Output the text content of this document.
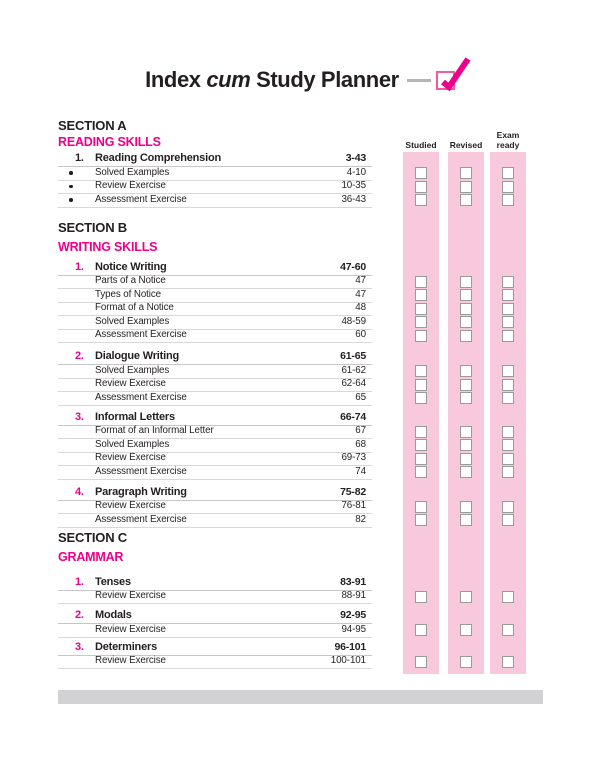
Index cum Study Planner
Studied	Revised
Exam ready
SECTION A
READING SKILLS
1. Reading Comprehension	3-43
Solved Examples	4-10
Review Exercise	10-35
Assessment Exercise	36-43
SECTION B
WRITING SKILLS
1. Notice Writing	47-60
Parts of a Notice	47
Types of Notice	47
Format of a Notice	48
Solved Examples	48-59
Assessment Exercise	60
2. Dialogue Writing	61-65
Solved Examples	61-62
Review Exercise	62-64
Assessment Exercise	65
3. Informal Letters	66-74
Format of an Informal Letter	67
Solved Examples	68
Review Exercise	69-73
Assessment Exercise	74
4. Paragraph Writing	75-82
Review Exercise	76-81
Assessment Exercise	82
SECTION C
GRAMMAR
1. Tenses	83-91
Review Exercise	88-91
2. Modals	92-95
Review Exercise	94-95
3. Determiners	96-101
Review Exercise	100-101
